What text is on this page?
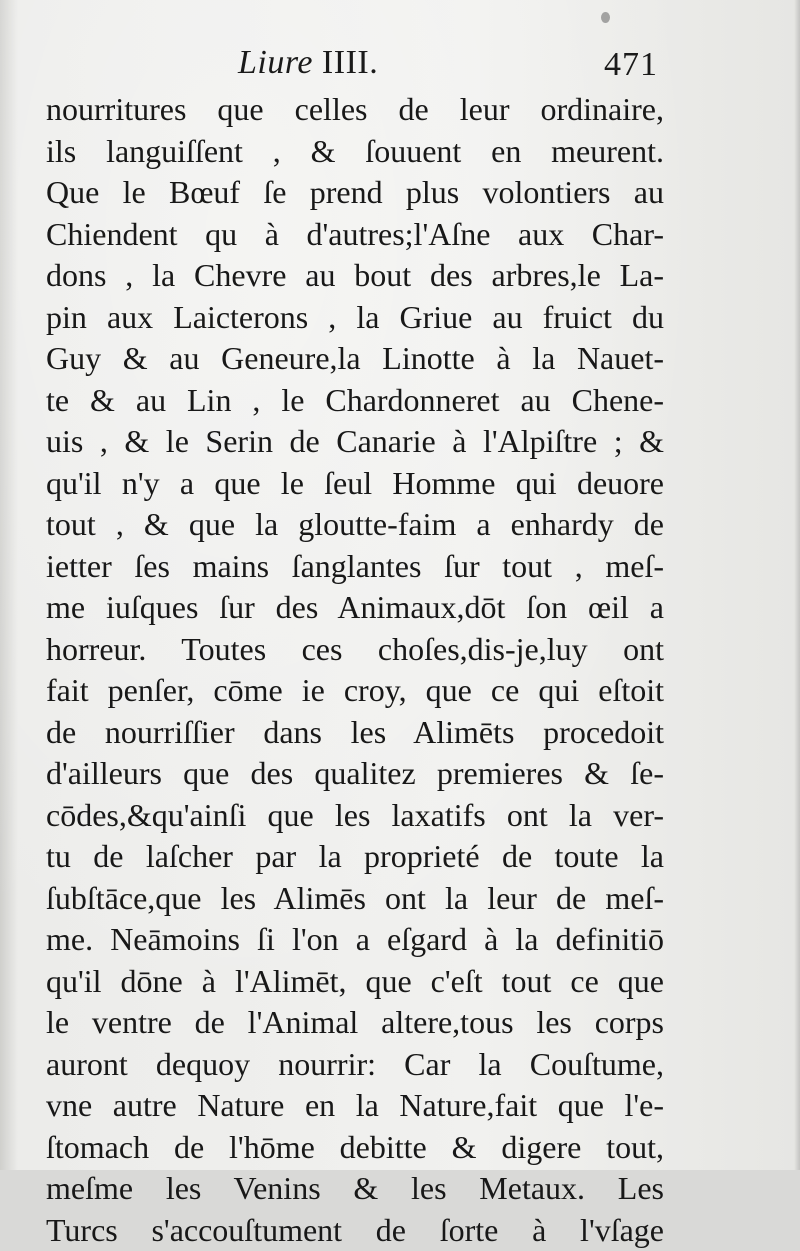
Liure IIII.	471
nourritures que celles de leur ordinaire,
ils languiſſent , & ſouuent en meurent.
Que le Bœuf ſe prend plus volontiers au
Chiendent qu à d'autres;l'Aſne aux Char-
dons , la Chevre au bout des arbres,le La-
pin aux Laicterons , la Griue au fruict du
Guy & au Geneure,la Linotte à la Nauet-
te & au Lin , le Chardonneret au Chene-
uis , & le Serin de Canarie à l'Alpiſtre ; &
qu'il n'y a que le ſeul Homme qui deuore
tout , & que la gloutte-faim a enhardy de
ietter ſes mains ſanglantes ſur tout , meſ-
me iuſques ſur des Animaux,dōt ſon œil a
horreur. Toutes ces choſes,dis-je,luy ont
fait penſer, cōme ie croy, que ce qui eſtoit
de nourriſſier dans les Alimēts procedoit
d'ailleurs que des qualitez premieres & ſe-
cōdes,&qu'ainſi que les laxatifs ont la ver-
tu de laſcher par la proprieté de toute la
ſubſtāce,que les Alimēs ont la leur de meſ-
me. Neāmoins ſi l'on a eſgard à la definitiō
qu'il dōne à l'Alimēt, que c'eſt tout ce que
le ventre de l'Animal altere,tous les corps
auront dequoy nourrir: Car la Couſtume,
vne autre Nature en la Nature,fait que l'e-
ſtomach de l'hōme debitte & digere tout,
meſme les Venins & les Metaux. Les
Turcs s'accouſtument de ſorte à l'vſage
